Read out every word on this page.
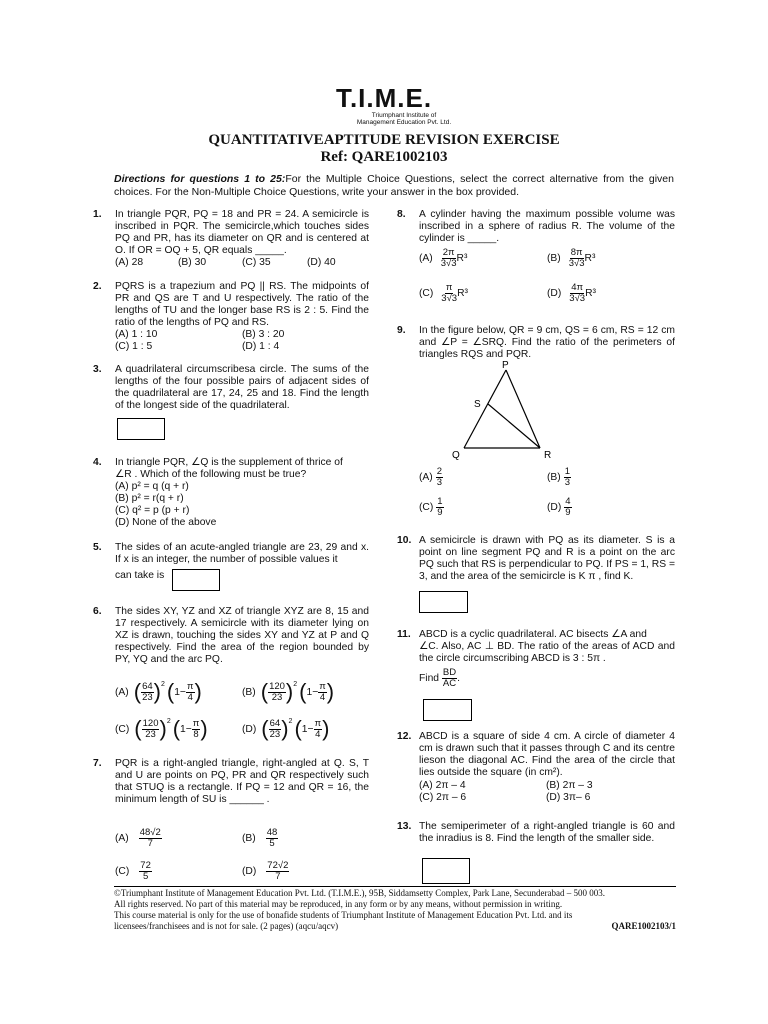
T.I.M.E.
Triumphant Institute of
Management Education Pvt. Ltd.
QUANTITATIVEAPTITUDE REVISION EXERCISE
Ref: QARE1002103
Directions for questions 1 to 25:For the Multiple Choice Questions, select the correct alternative from the given choices. For the Non-Multiple Choice Questions, write your answer in the box provided.
1. In triangle PQR, PQ = 18 and PR = 24. A semicircle is inscribed in PQR. The semicircle,which touches sides PQ and PR, has its diameter on QR and is centered at O. If OR = OQ + 5, QR equals _____.
(A) 28	(B) 30	(C) 35	(D) 40
2. PQRS is a trapezium and PQ || RS. The midpoints of PR and QS are T and U respectively. The ratio of the lengths of TU and the longer base RS is 2 : 5. Find the ratio of the lengths of PQ and RS.
(A) 1 : 10	(B) 3 : 20
(C) 1 : 5	(D) 1 : 4
3. A quadrilateral circumscribesa circle. The sums of the lengths of the four possible pairs of adjacent sides of the quadrilateral are 17, 24, 25 and 18. Find the length of the longest side of the quadrilateral.
4. In triangle PQR, ∠Q is the supplement of thrice of
∠R . Which of the following must be true?
(A) p² = q (q + r)
(B) p² = r(q + r)
(C) q² = p (p + r)
(D) None of the above
5. The sides of an acute-angled triangle are 23, 29 and x. If x is an integer, the number of possible values it
can take is
6. The sides XY, YZ and XZ of triangle XYZ are 8, 15 and 17 respectively. A semicircle with its diameter lying on XZ is drawn, touching the sides XY and YZ at P and Q respectively. Find the area of the region bounded by PY, YQ and the arc PQ.
(A) ( $\frac{64}{23}$ ) 2 ( $1- \frac{\pi}{4}$ )	(B) ( $\frac{120}{23}$ ) 2 ( $1- \frac{\pi}{4}$ )
(C) ( $\frac{120}{23}$ ) 2 ( $1- \frac{\pi}{8}$ )	(D) ( $\frac{64}{23}$ ) 2 ( $1- \frac{\pi}{4}$ )
7. PQR is a right-angled triangle, right-angled at Q. S, T and U are points on PQ, PR and QR respectively such that STUQ is a rectangle. If PQ = 12 and QR = 16, the minimum length of SU is ______ .
$(A) \frac{48√2}{7}$	$(B) \frac{48}{5}$
$(C) \frac{72}{5}$	$(D) \frac{72√2}{7}$
8. A cylinder having the maximum possible volume was inscribed in a sphere of radius R. The volume of the cylinder is _____.
$(A) \frac{2\pi}{3√3} R^3$	$(B) \frac{8\pi}{3√3} R^3$
$(C) \frac{\pi}{3√3} R^3$	$(D) \frac{4\pi}{3√3} R^3$
9. In the figure below, QR = 9 cm, QS = 6 cm, RS = 12 cm and ∠P = ∠SRQ. Find the ratio of the perimeters of triangles RQS and PQR.
P
S
Q	R
$(A) \frac{2}{3}$	$(B) \frac{1}{3}$
$(C) \frac{1}{9}$	$(D) \frac{4}{9}$
10. A semicircle is drawn with PQ as its diameter. S is a point on line segment PQ and R is a point on the arc PQ such that RS is perpendicular to PQ. If PS = 1, RS = 3, and the area of the semicircle is K π , find K.
11. ABCD is a cyclic quadrilateral. AC bisects ∠A and
∠C. Also, AC ⊥ BD. The ratio of the areas of ACD and the circle circumscribing ABCD is 3 : 5π .
Find $\frac{BD}{AC}$ .
12. ABCD is a square of side 4 cm. A circle of diameter 4 cm is drawn such that it passes through C and its centre lieson the diagonal AC. Find the area of the circle that lies outside the square (in cm²).
(A) 2π – 4	(B) 2π – 3
(C) 2π – 6	(D) 3π– 6
13. The semiperimeter of a right-angled triangle is 60 and the inradius is 8. Find the length of the smaller side.
©Triumphant Institute of Management Education Pvt. Ltd. (T.I.M.E.), 95B, Siddamsetty Complex, Park Lane, Secunderabad – 500 003.
All rights reserved. No part of this material may be reproduced, in any form or by any means, without permission in writing.
This course material is only for the use of bonafide students of Triumphant Institute of Management Education Pvt. Ltd. and its
licensees/franchisees and is not for sale. (2 pages) (aqcu/aqcv)	QARE1002103/1
